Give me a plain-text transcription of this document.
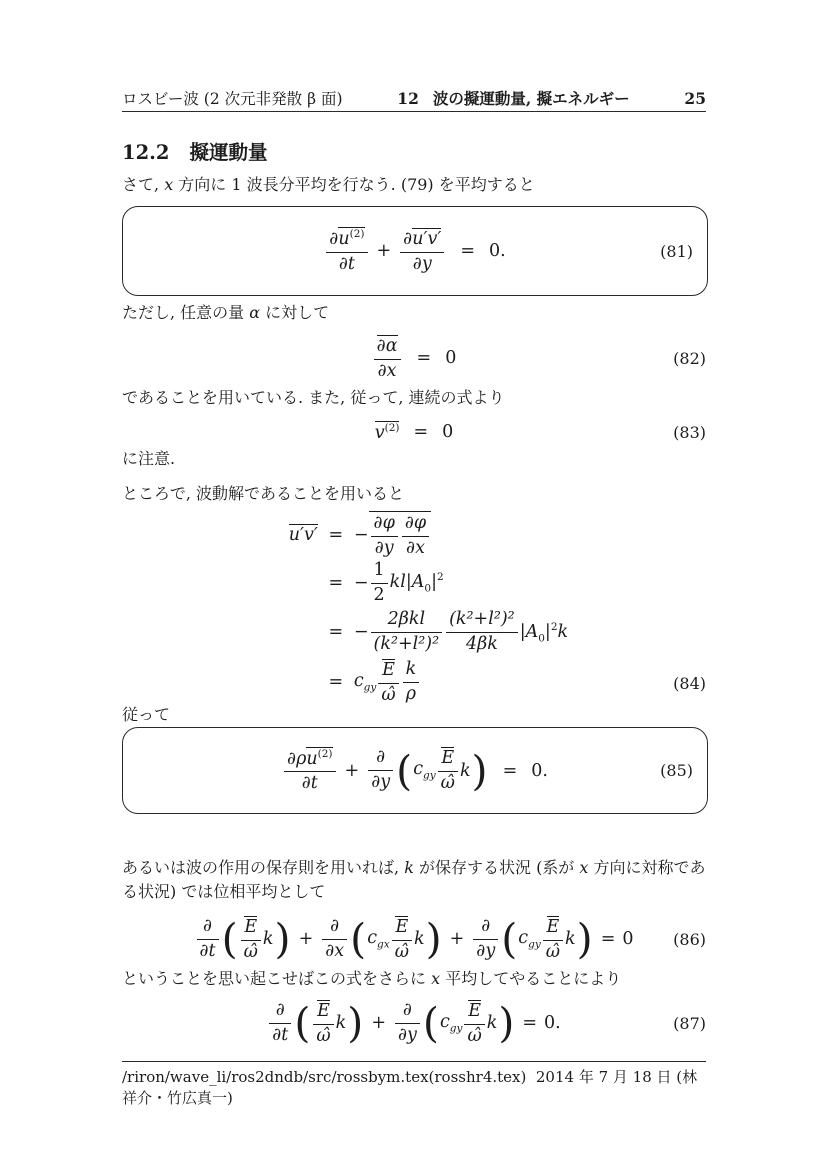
ロスビー波 (2 次元非発散 β 面)	12 波の擬運動量, 擬エネルギー	25
12.2 擬運動量
さて, x 方向に 1 波長分平均を行なう. (79) を平均すると
$\frac{\partial u^{(2)}}{\partial t} + \frac{\partial u'v'}{\partial y} = 0$.	(81)
ただし, 任意の量 α に対して
$\frac{\partial\alpha}{\partial x} = 0$	(82)
であることを用いている. また, 従って, 連続の式より
$v^{(2)} = 0$	(83)
に注意.
ところで, 波動解であることを用いると
u′v′ = − $\frac{\partial\varphi}{\partial y} \frac{\partial\varphi}{\partial x}$
= − $\frac{1}{2} kl|A_0|^2$
= − $\frac{\text{2βkl}}{\text{(k²+l²)²}} \frac{\text{(k²+l²)²}}{4\beta k} |A_0|^2k$
= $c_{gy} \frac{E}{\omegâ} \frac{k}{\rho}$	(84)
従って
$\frac{\partial\rho u^{(2)}}{\partial t} + \frac{\partial}{\partial y}$ ( $c_{gy} \frac{E}{\omegâ}$ k ) = 0.	(85)
あるいは波の作用の保存則を用いれば, k が保存する状況 (系が x 方向に対称であ
る状況) では位相平均として
$\frac{\partial}{\partial t}$ ( $\frac{E}{\omegâ}$ k ) + $\frac{\partial}{\partial x}$ ( $c_{gx} \frac{E}{\omegâ}$ k ) + $\frac{\partial}{\partial y}$ ( $c_{gy} \frac{E}{\omegâ}$ k ) = 0 (86)
ということを思い起こせばこの式をさらに x 平均してやることにより
$\frac{\partial}{\partial t}$ ( $\frac{E}{\omegâ}$ k ) + $\frac{\partial}{\partial y}$ ( $c_{gy} \frac{E}{\omegâ}$ k ) = 0.	(87)
/riron/wave_li/ros2dndb/src/rossbym.tex(rosshr4.tex)  2014 年 7 月 18 日 (林 祥介・竹広真一)
